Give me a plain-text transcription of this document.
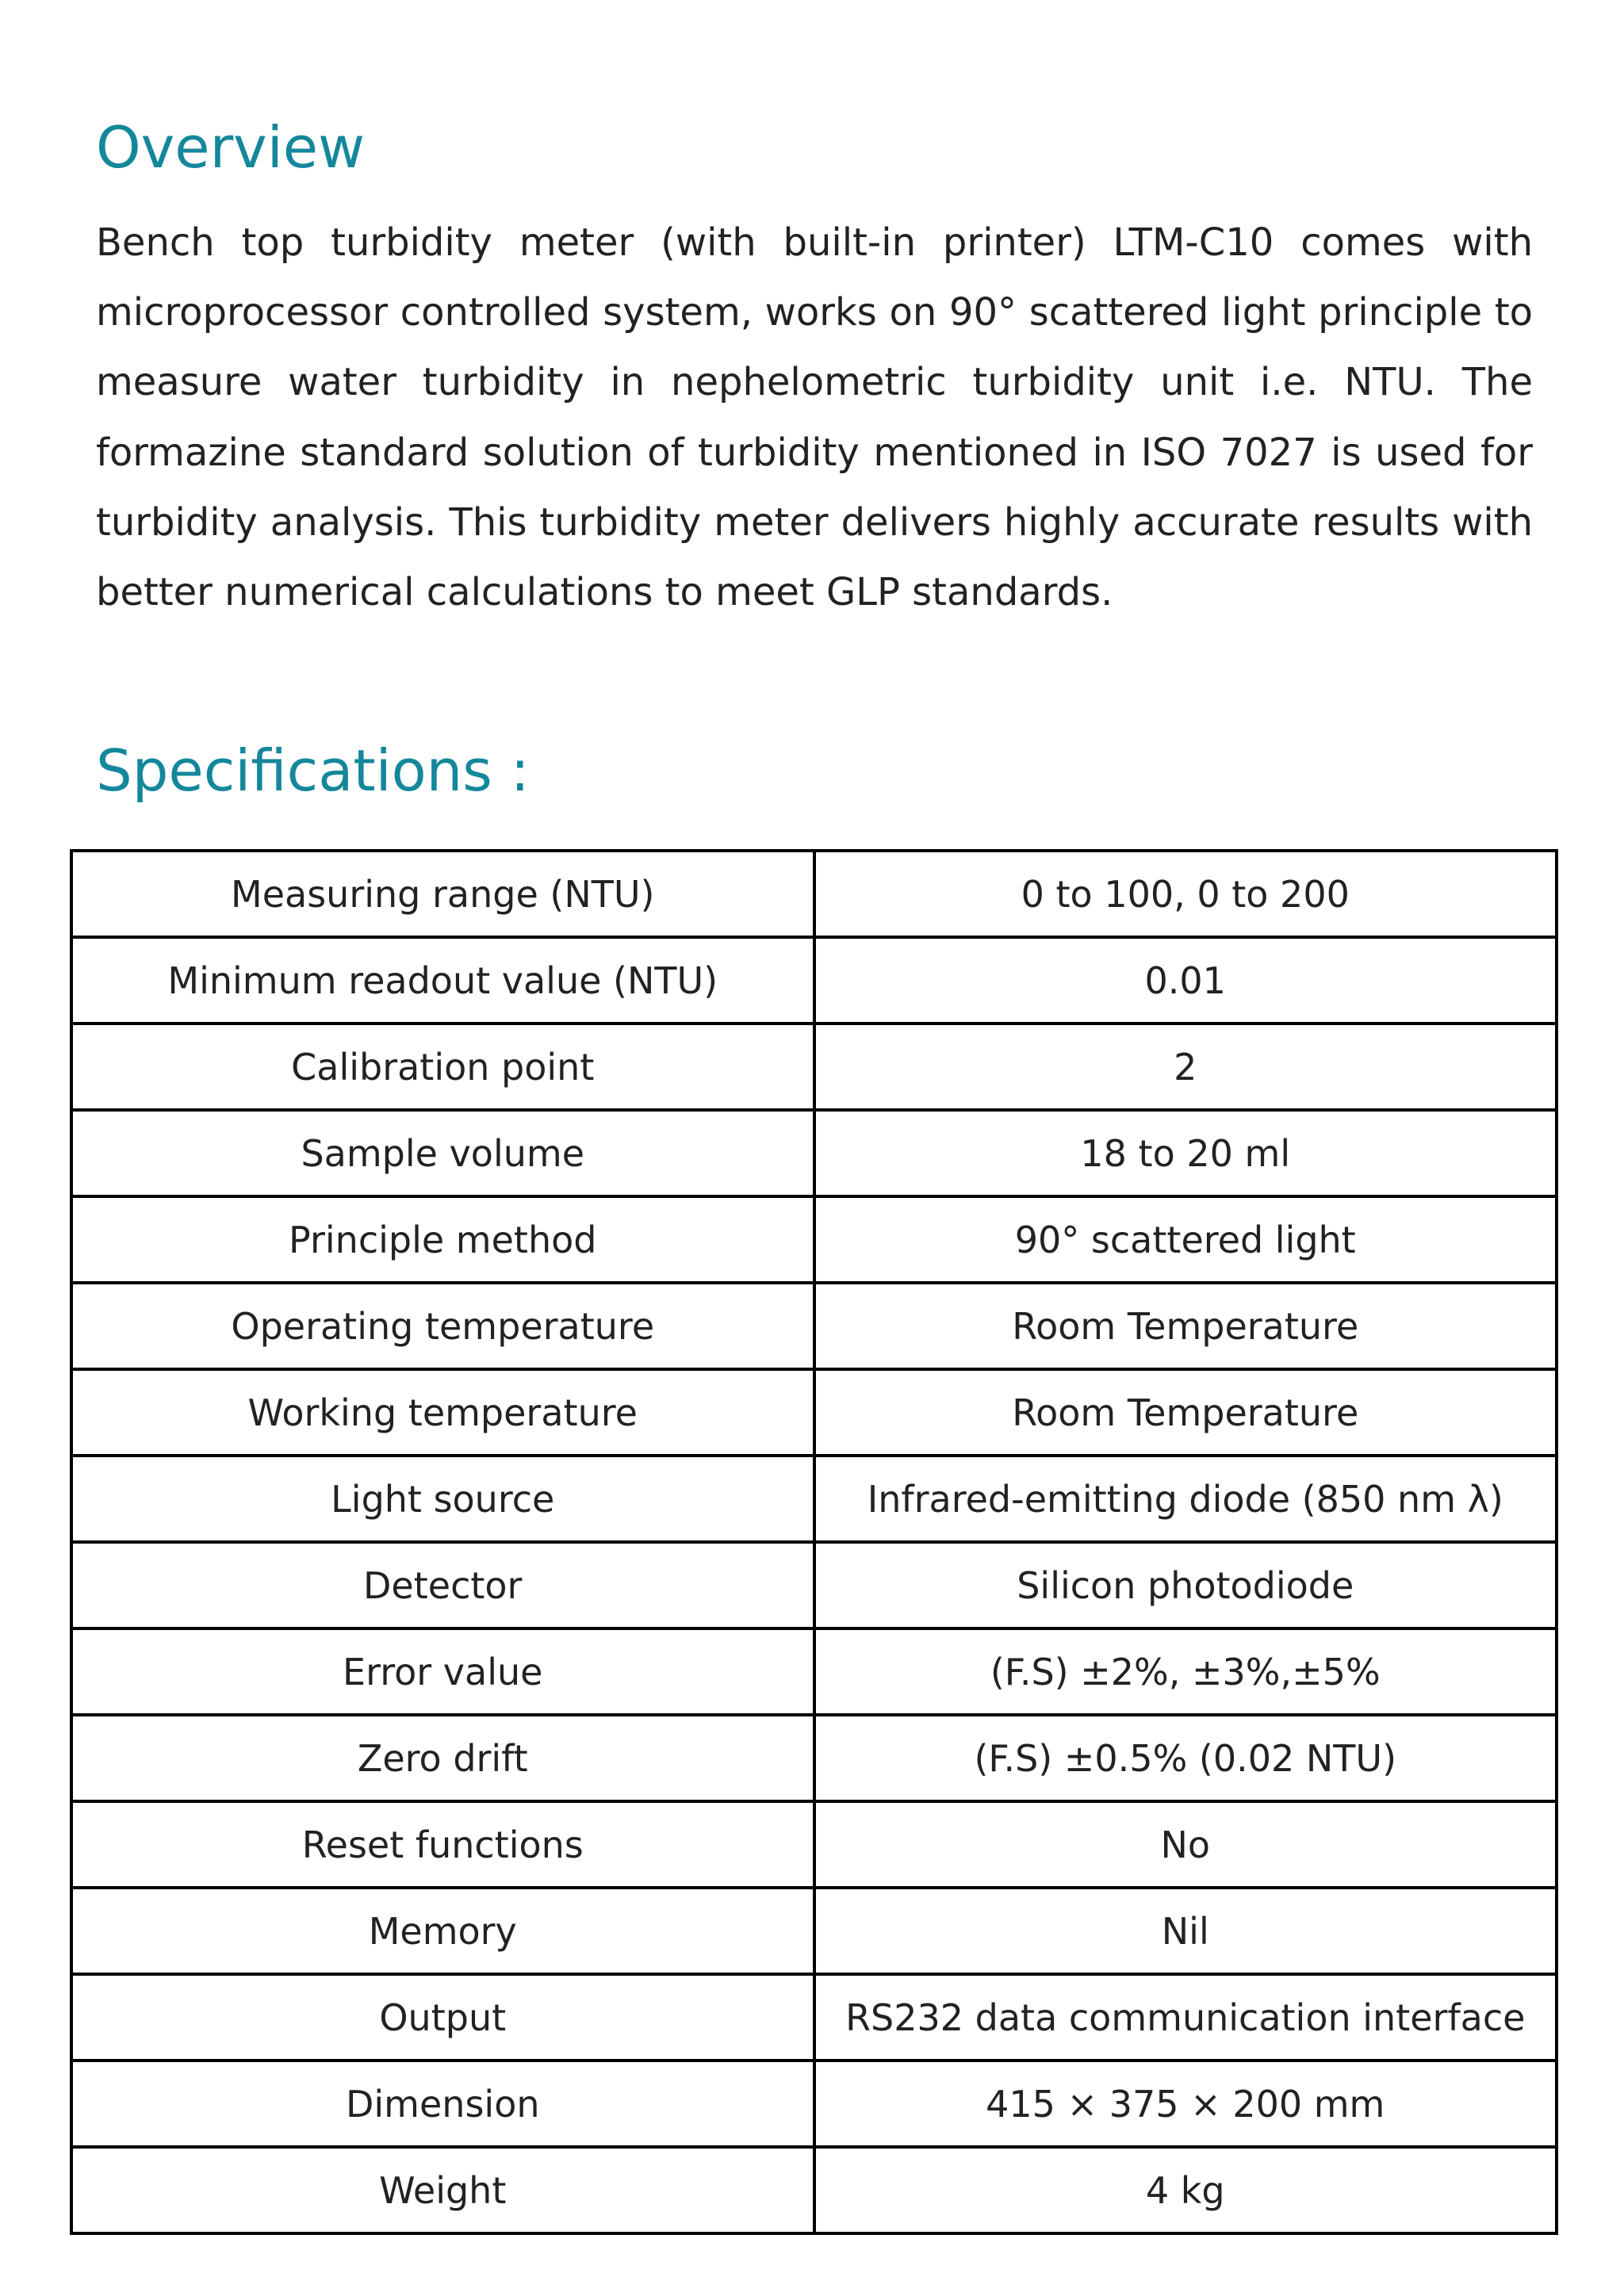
Overview

Bench top turbidity meter (with built-in printer) LTM-C10 comes with microprocessor controlled system, works on 90° scattered light principle to measure water turbidity in nephelometric turbidity unit i.e. NTU. The formazine standard solution of turbidity mentioned in ISO 7027 is used for turbidity analysis. This turbidity meter delivers highly accurate results with better numerical calculations to meet GLP standards.

Specifications :
Measuring range (NTU)	0 to 100, 0 to 200
Minimum readout value (NTU)	0.01
Calibration point	2
Sample volume	18 to 20 ml
Principle method	90° scattered light
Operating temperature	Room Temperature
Working temperature	Room Temperature
Light source	Infrared-emitting diode (850 nm λ)
Detector	Silicon photodiode
Error value	(F.S) ±2%, ±3%,±5%
Zero drift	(F.S) ±0.5% (0.02 NTU)
Reset functions	No
Memory	Nil
Output	RS232 data communication interface
Dimension	415 × 375 × 200 mm
Weight	4 kg
